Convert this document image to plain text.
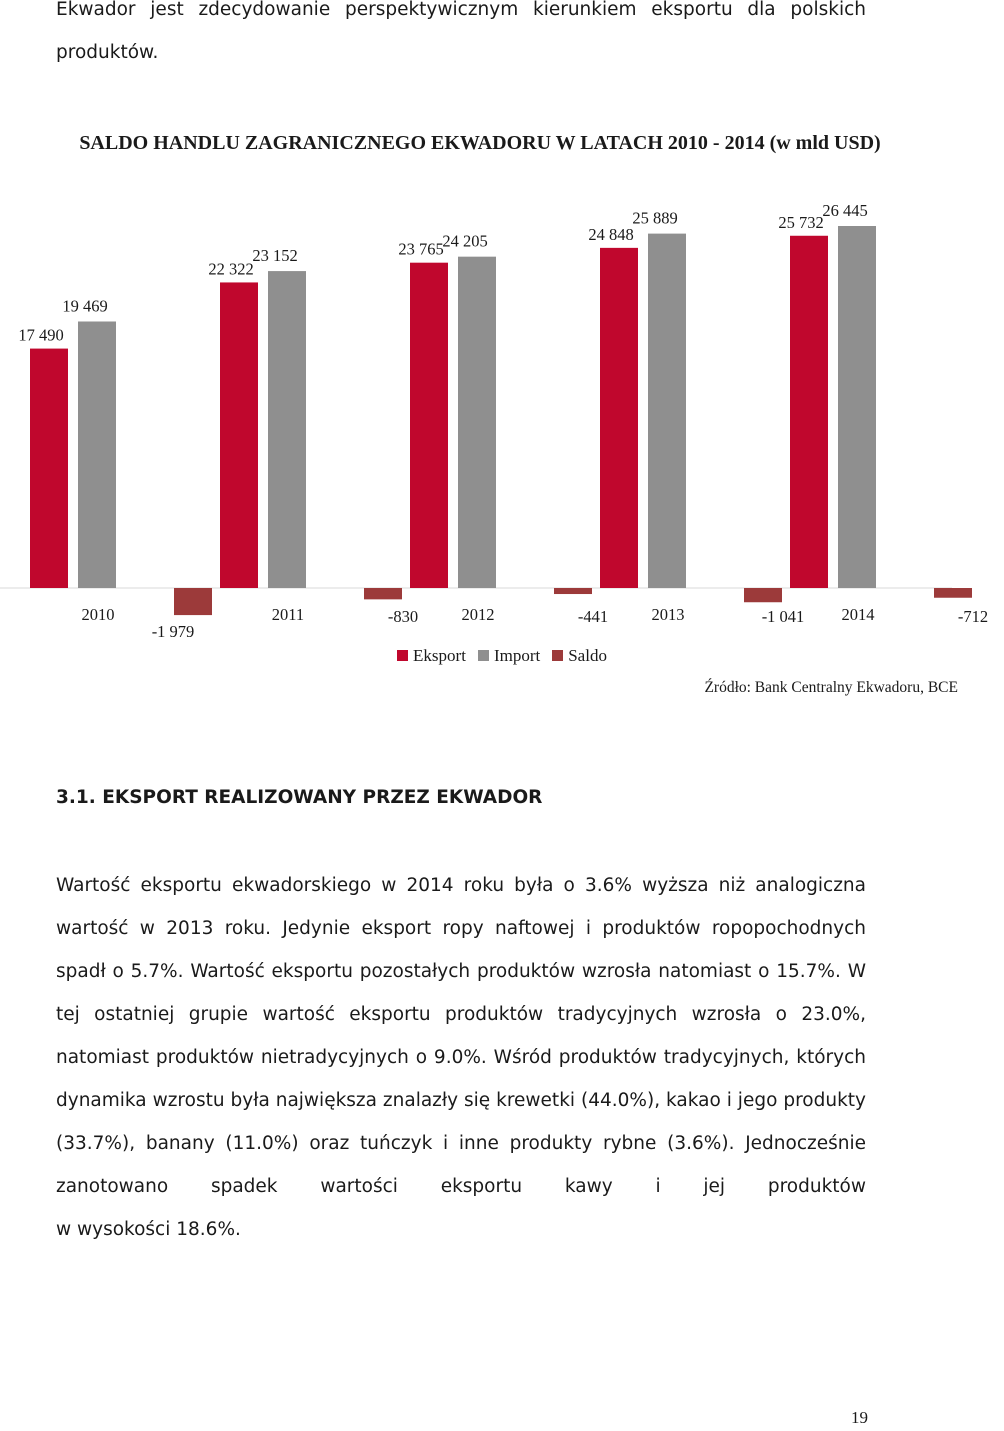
Ekwador jest zdecydowanie perspektywicznym kierunkiem eksportu dla polskich
produktów.

SALDO HANDLU ZAGRANICZNEGO EKWADORU W LATACH 2010 - 2014 (w mld USD)
17 490
19 469
2010
-1 979
22 322
23 152
2011	-830
23 765
24 205
2012	-441
24 848
25 889
2013	-1 041
25 732
26 445
2014	-712
Eksport Import Saldo
Źródło: Bank Centralny Ekwadoru, BCE
3.1. EKSPORT REALIZOWANY PRZEZ EKWADOR

Wartość eksportu ekwadorskiego w 2014 roku była o 3.6% wyższa niż analogiczna wartość w 2013 roku. Jedynie eksport ropy naftowej i produktów ropopochodnych spadł o 5.7%. Wartość eksportu pozostałych produktów wzrosła natomiast o 15.7%. W tej ostatniej grupie wartość eksportu produktów tradycyjnych wzrosła o 23.0%, natomiast produktów nietradycyjnych o 9.0%. Wśród produktów tradycyjnych, których dynamika wzrostu była największa znalazły się krewetki (44.0%), kakao i jego produkty (33.7%), banany (11.0%) oraz tuńczyk i inne produkty rybne (3.6%). Jednocześnie zanotowano spadek wartości eksportu kawy i jej produktów
w wysokości 18.6%.

19
